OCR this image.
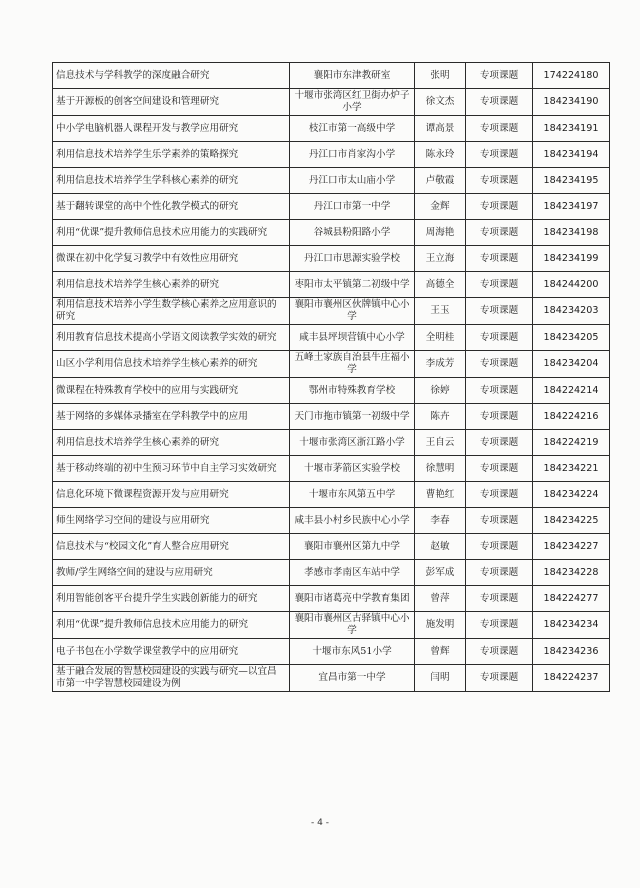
信息技术与学科教学的深度融合研究	襄阳市东津教研室	张明	专项课题	174224180
基于开源板的创客空间建设和管理研究	十堰市张湾区红卫街办炉子小学	徐文杰	专项课题	184234190
中小学电脑机器人课程开发与教学应用研究	枝江市第一高级中学	谭高景	专项课题	184234191
利用信息技术培养学生乐学素养的策略探究	丹江口市肖家沟小学	陈永玲	专项课题	184234194
利用信息技术培养学生学科核心素养的研究	丹江口市太山庙小学	卢敬霞	专项课题	184234195
基于翻转课堂的高中个性化教学模式的研究	丹江口市第一中学	金辉	专项课题	184234197
利用“优课”提升教师信息技术应用能力的实践研究	谷城县粉阳路小学	周海艳	专项课题	184234198
微课在初中化学复习教学中有效性应用研究	丹江口市思源实验学校	王立海	专项课题	184234199
利用信息技术培养学生核心素养的研究	枣阳市太平镇第二初级中学	高德全	专项课题	184244200
利用信息技术培养小学生数学核心素养之应用意识的研究	襄阳市襄州区伙牌镇中心小学	王玉	专项课题	184234203
利用教育信息技术提高小学语文阅读教学实效的研究	咸丰县坪坝营镇中心小学	全明桂	专项课题	184234205
山区小学利用信息技术培养学生核心素养的研究	五峰土家族自治县牛庄福小学	李成芳	专项课题	184234204
微课程在特殊教育学校中的应用与实践研究	鄂州市特殊教育学校	徐婷	专项课题	184224214
基于网络的多媒体录播室在学科教学中的应用	天门市拖市镇第一初级中学	陈卉	专项课题	184224216
利用信息技术培养学生核心素养的研究	十堰市张湾区浙江路小学	王自云	专项课题	184224219
基于移动终端的初中生预习环节中自主学习实效研究	十堰市茅箭区实验学校	徐慧明	专项课题	184234221
信息化环境下微课程资源开发与应用研究	十堰市东风第五中学	曹艳红	专项课题	184234224
师生网络学习空间的建设与应用研究	咸丰县小村乡民族中心小学	李春	专项课题	184234225
信息技术与“校园文化”育人整合应用研究	襄阳市襄州区第九中学	赵敏	专项课题	184234227
教师/学生网络空间的建设与应用研究	孝感市孝南区车站中学	彭军成	专项课题	184234228
利用智能创客平台提升学生实践创新能力的研究	襄阳市诸葛亮中学教育集团	曾萍	专项课题	184224277
利用“优课”提升教师信息技术应用能力的研究	襄阳市襄州区古驿镇中心小学	施发明	专项课题	184234234
电子书包在小学数学课堂教学中的应用研究	十堰市东风51小学	曾辉	专项课题	184234236
基于融合发展的智慧校园建设的实践与研究—以宜昌市第一中学智慧校园建设为例	宜昌市第一中学	闫明	专项课题	184224237
- 4 -
